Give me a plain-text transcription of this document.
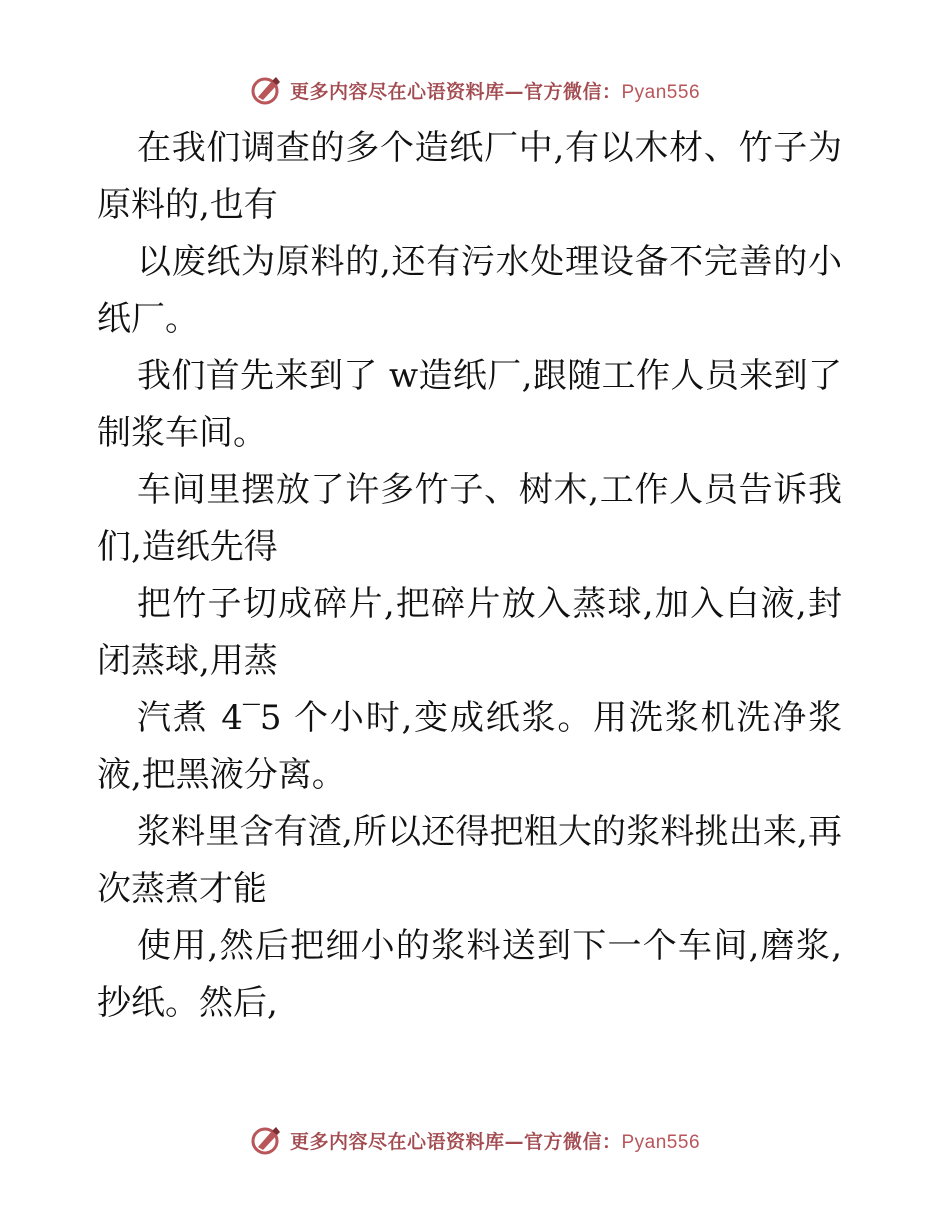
更多内容尽在心语资料库—官方微信：Pyan556

在我们调查的多个造纸厂中,有以木材、竹子为原料的,也有

以废纸为原料的,还有污水处理设备不完善的小纸厂。

我们首先来到了 w造纸厂,跟随工作人员来到了制浆车间。

车间里摆放了许多竹子、树木,工作人员告诉我们,造纸先得

把竹子切成碎片,把碎片放入蒸球,加入白液,封闭蒸球,用蒸

汽煮 4‾5 个小时,变成纸浆。用洗浆机洗净浆液,把黑液分离。

浆料里含有渣,所以还得把粗大的浆料挑出来,再次蒸煮才能

使用,然后把细小的浆料送到下一个车间,磨浆,抄纸。然后,

更多内容尽在心语资料库—官方微信：Pyan556
